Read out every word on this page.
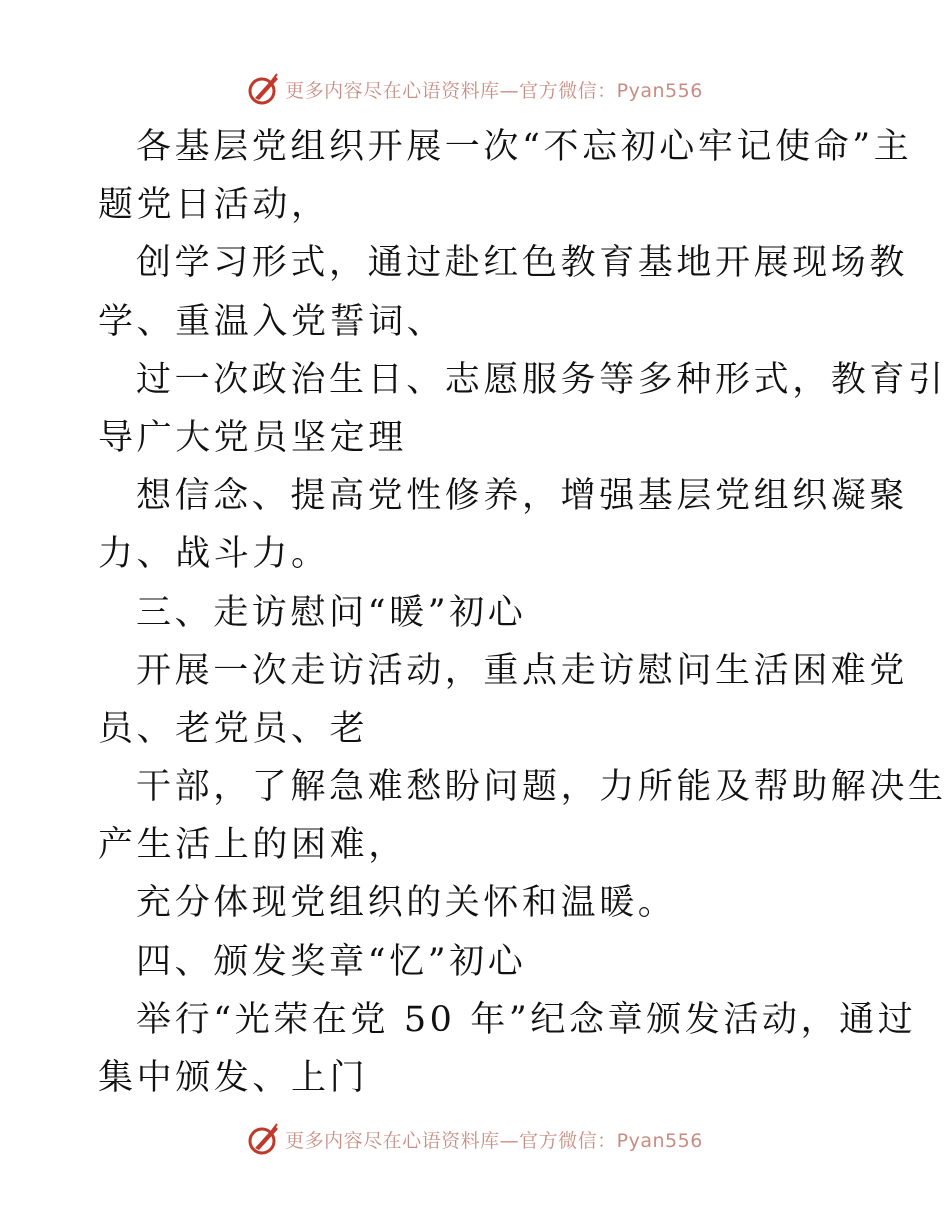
更多内容尽在心语资料库—官方微信：Pyan556
各基层党组织开展一次“不忘初心牢记使命”主
题党日活动，
创学习形式，通过赴红色教育基地开展现场教
学、重温入党誓词、
过一次政治生日、志愿服务等多种形式，教育引
导广大党员坚定理
想信念、提高党性修养，增强基层党组织凝聚
力、战斗力。
三、走访慰问“暖”初心
开展一次走访活动，重点走访慰问生活困难党
员、老党员、老
干部，了解急难愁盼问题，力所能及帮助解决生
产生活上的困难，
充分体现党组织的关怀和温暖。
四、颁发奖章“忆”初心
举行“光荣在党 50 年”纪念章颁发活动，通过
集中颁发、上门
更多内容尽在心语资料库—官方微信：Pyan556
